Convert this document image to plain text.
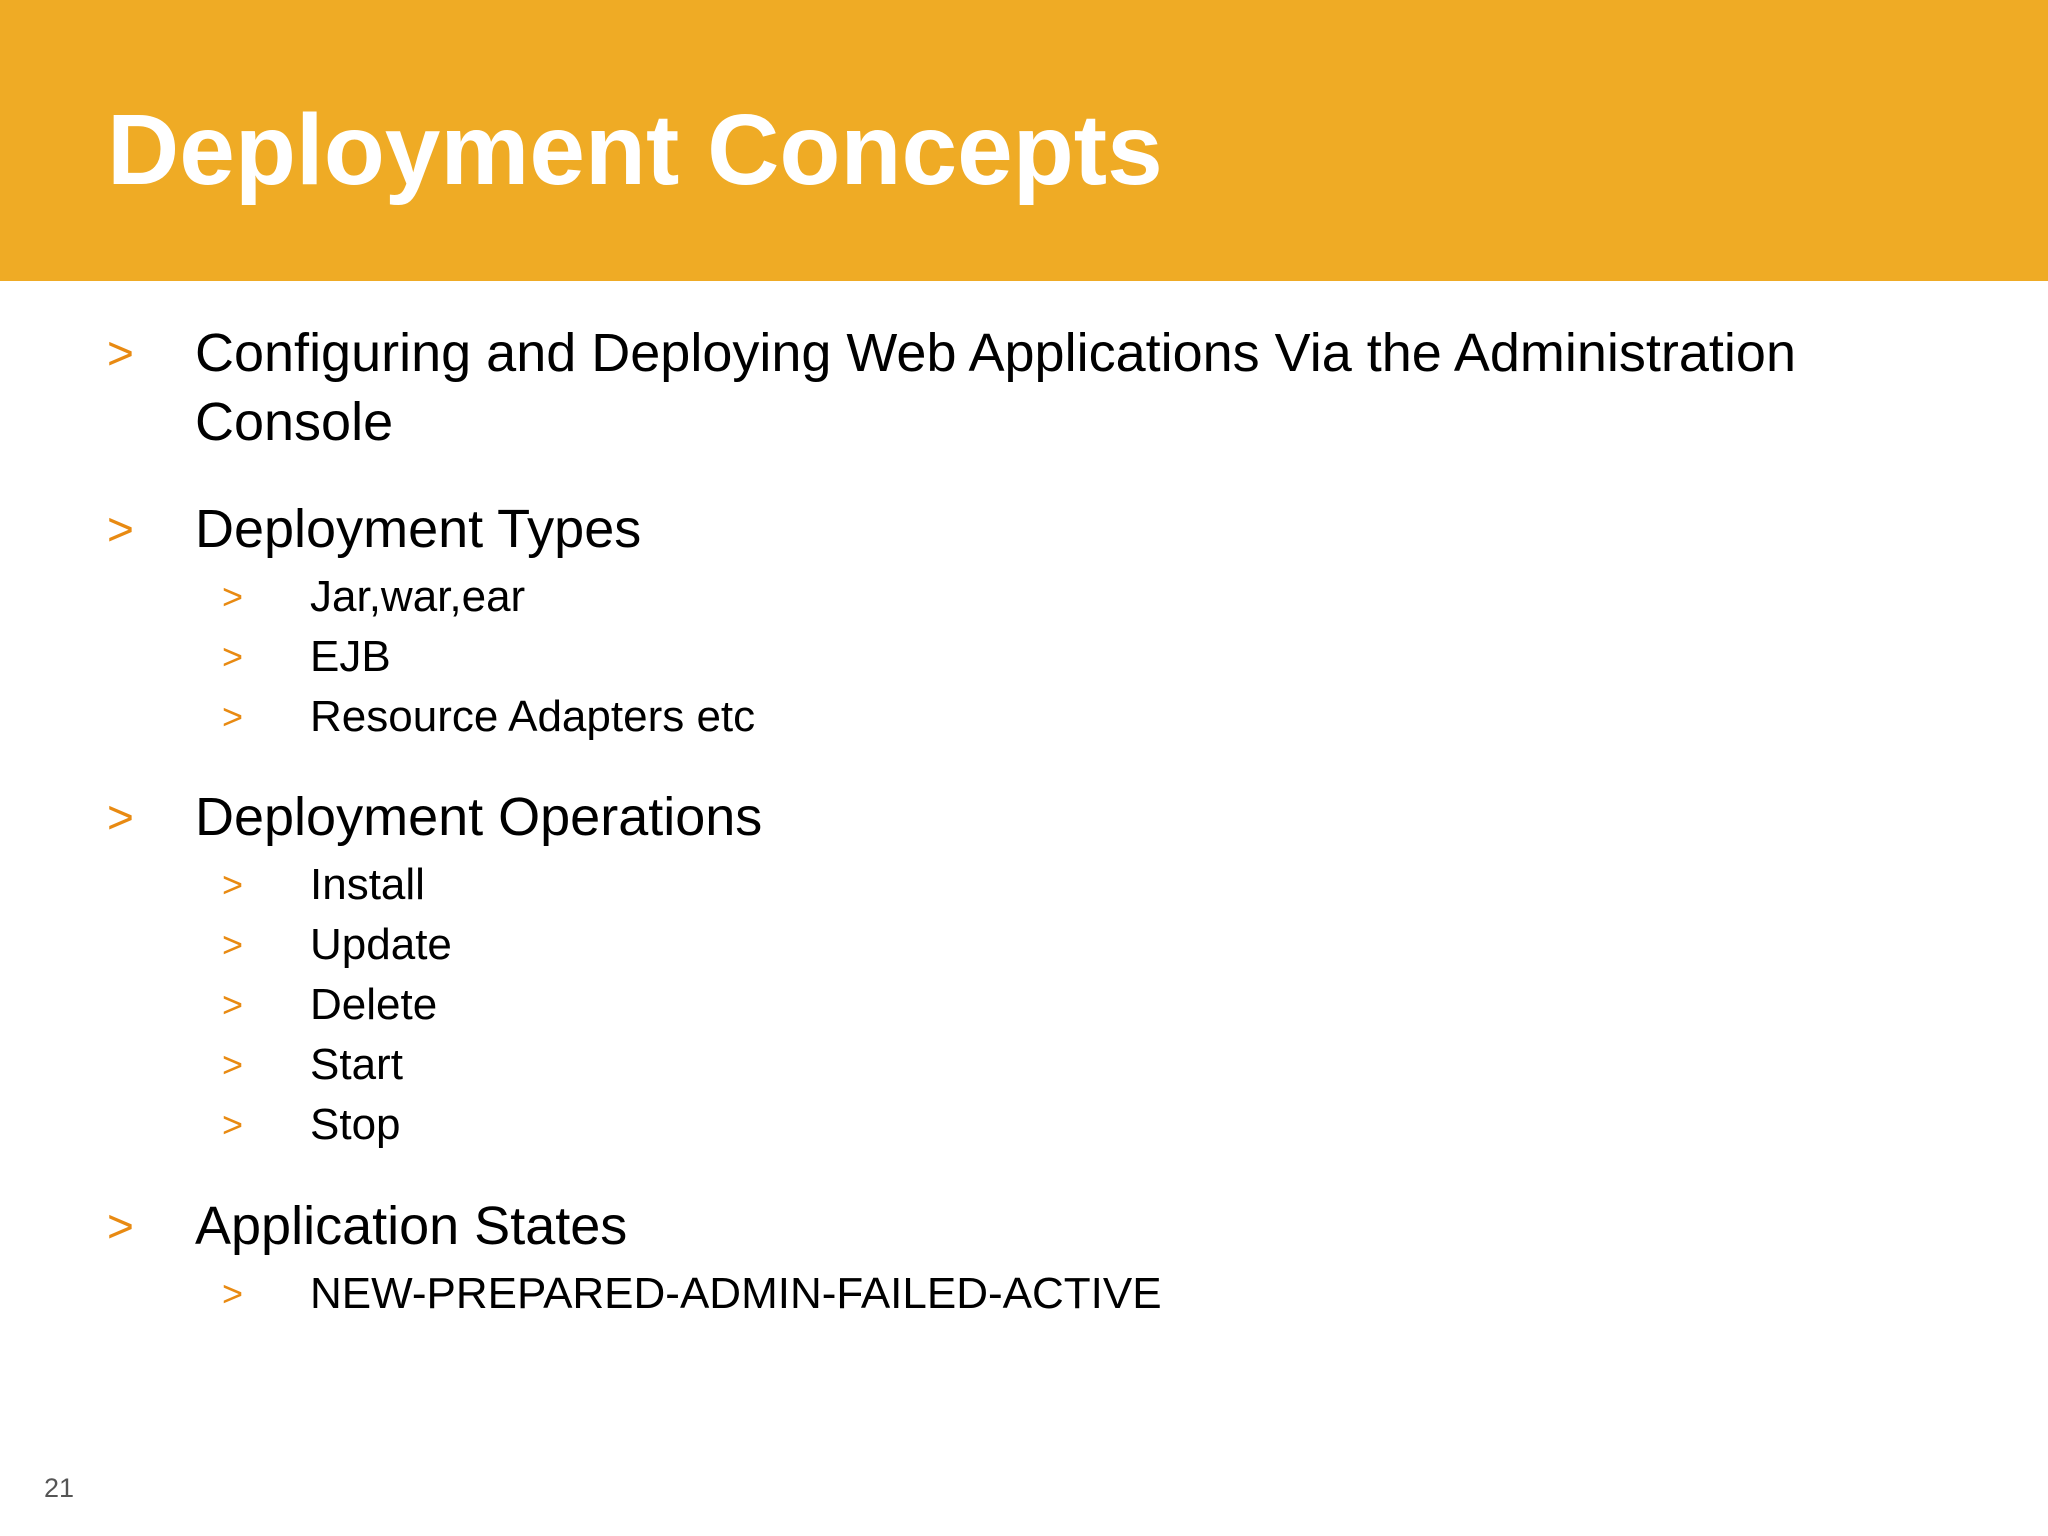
Deployment Concepts
> Configuring and Deploying Web Applications Via the Administration
Console
> Deployment Types
> Jar,war,ear
> EJB
> Resource Adapters etc
> Deployment Operations
> Install
> Update
> Delete
> Start
> Stop
> Application States
> NEW-PREPARED-ADMIN-FAILED-ACTIVE
21
